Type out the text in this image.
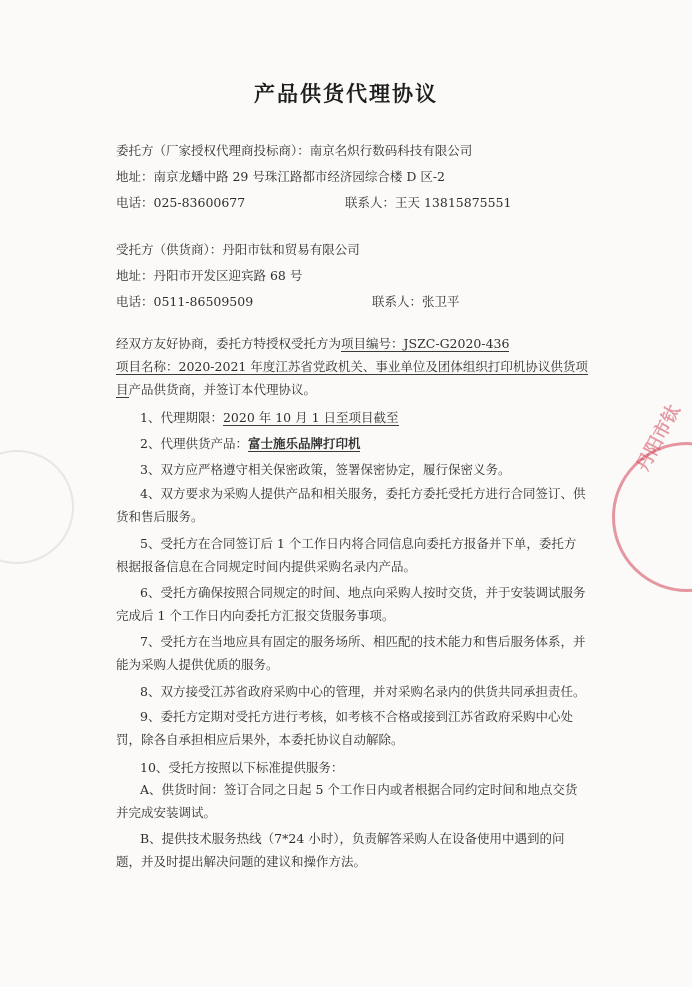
丹阳市钛
产品供货代理协议
委托方（厂家授权代理商投标商）：南京名炽行数码科技有限公司
地址：南京龙蟠中路 29 号珠江路都市经济园综合楼 D 区-2
电话：025-83600677	联系人：王天 13815875551
受托方（供货商）：丹阳市钛和贸易有限公司
地址：丹阳市开发区迎宾路 68 号
电话：0511-86509509	联系人：张卫平
经双方友好协商，委托方特授权受托方为项目编号：JSZC-G2020-436
项目名称：2020-2021 年度江苏省党政机关、事业单位及团体组织打印机协议供货项目产品供货商，并签订本代理协议。
1、代理期限：2020 年 10 月 1 日至项目截至
2、代理供货产品：富士施乐品牌打印机
3、双方应严格遵守相关保密政策，签署保密协定，履行保密义务。
4、双方要求为采购人提供产品和相关服务，委托方委托受托方进行合同签订、供货和售后服务。
5、受托方在合同签订后 1 个工作日内将合同信息向委托方报备并下单，委托方根据报备信息在合同规定时间内提供采购名录内产品。
6、受托方确保按照合同规定的时间、地点向采购人按时交货，并于安装调试服务完成后 1 个工作日内向委托方汇报交货服务事项。
7、受托方在当地应具有固定的服务场所、相匹配的技术能力和售后服务体系，并能为采购人提供优质的服务。
8、双方接受江苏省政府采购中心的管理，并对采购名录内的供货共同承担责任。
9、委托方定期对受托方进行考核，如考核不合格或接到江苏省政府采购中心处罚，除各自承担相应后果外，本委托协议自动解除。
10、受托方按照以下标准提供服务：
A、供货时间：签订合同之日起 5 个工作日内或者根据合同约定时间和地点交货并完成安装调试。
B、提供技术服务热线（7*24 小时），负责解答采购人在设备使用中遇到的问题，并及时提出解决问题的建议和操作方法。
